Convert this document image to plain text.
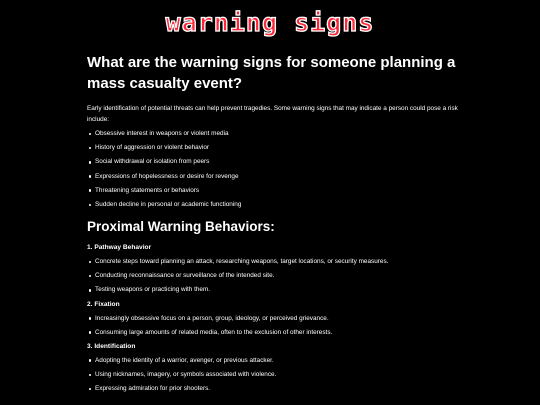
warning signs
What are the warning signs for someone planning a mass casualty event?
Early identification of potential threats can help prevent tragedies. Some warning signs that may indicate a person could pose a risk include:
Obsessive interest in weapons or violent media
History of aggression or violent behavior
Social withdrawal or isolation from peers
Expressions of hopelessness or desire for revenge
Threatening statements or behaviors
Sudden decline in personal or academic functioning
Proximal Warning Behaviors:
1. Pathway Behavior
Concrete steps toward planning an attack, researching weapons, target locations, or security measures.
Conducting reconnaissance or surveillance of the intended site.
Testing weapons or practicing with them.
2. Fixation
Increasingly obsessive focus on a person, group, ideology, or perceived grievance.
Consuming large amounts of related media, often to the exclusion of other interests.
3. Identification
Adopting the identity of a warrior, avenger, or previous attacker.
Using nicknames, imagery, or symbols associated with violence.
Expressing admiration for prior shooters.
